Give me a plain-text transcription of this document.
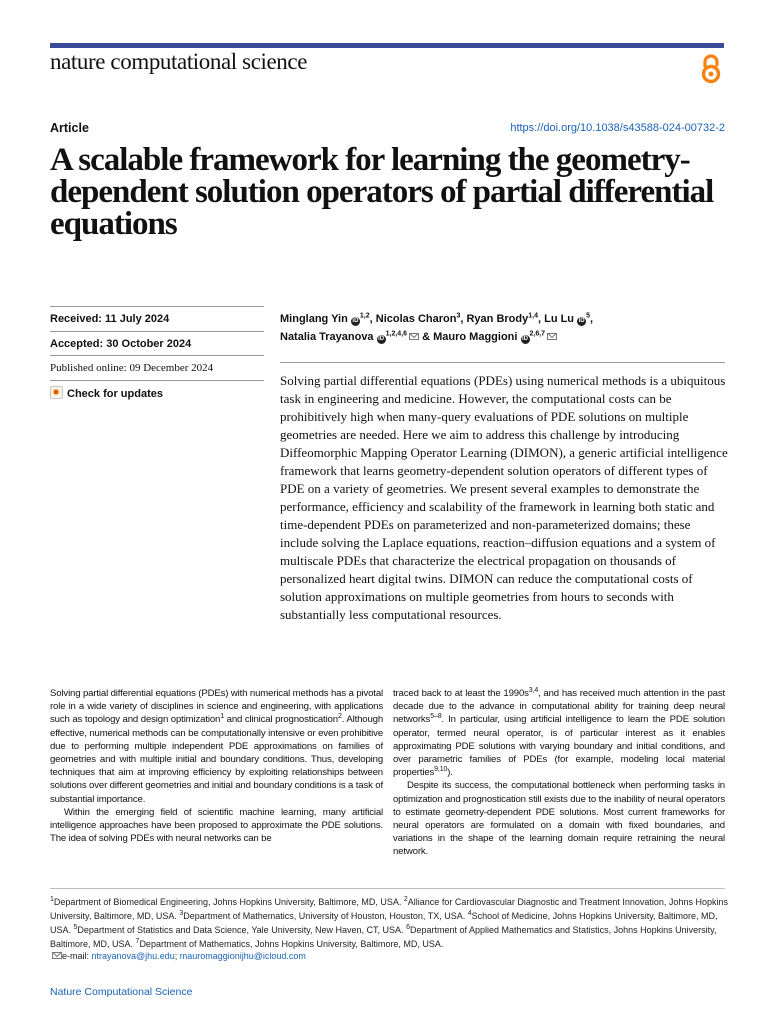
nature computational science
Article	https://doi.org/10.1038/s43588-024-00732-2
A scalable framework for learning the geometry-dependent solution operators of partial differential equations
Received: 11 July 2024
Accepted: 30 October 2024
Published online: 09 December 2024
Check for updates
Minglang Yin iD$^{1,2}$, Nicolas Charon$^3$, Ryan Brody$^{1,4}$, Lu Lu $iD^5$,
Natalia Trayanova iD$^{1,2,4,6}$ & Mauro Maggioni iD$^{2,6,7}$
Solving partial differential equations (PDEs) using numerical methods is a ubiquitous task in engineering and medicine. However, the computational costs can be prohibitively high when many-query evaluations of PDE solutions on multiple geometries are needed. Here we aim to address this challenge by introducing Diffeomorphic Mapping Operator Learning (DIMON), a generic artificial intelligence framework that learns geometry-dependent solution operators of different types of PDE on a variety of geometries. We present several examples to demonstrate the performance, efficiency and scalability of the framework in learning both static and time-dependent PDEs on parameterized and non-parameterized domains; these include solving the Laplace equations, reaction–diffusion equations and a system of multiscale PDEs that characterize the electrical propagation on thousands of personalized heart digital twins. DIMON can reduce the computational costs of solution approximations on multiple geometries from hours to seconds with substantially less computational resources.

Solving partial differential equations (PDEs) with numerical methods has a pivotal role in a wide variety of disciplines in science and engineering, with applications such as topology and design optimization$^1$ and clinical prognostication$^2$. Although effective, numerical methods can be computationally intensive or even prohibitive due to performing multiple independent PDE approximations on families of geometries and with multiple initial and boundary conditions. Thus, developing techniques that aim at improving efficiency by exploiting relationships between solutions over different geometries and initial and boundary conditions is a task of substantial importance.

Within the emerging field of scientific machine learning, many artificial intelligence approaches have been proposed to approximate the PDE solutions. The idea of solving PDEs with neural networks can be

traced back to at least the $1990s^{3,4}$, and has received much attention in the past decade due to the advance in computational ability for training deep neural networks$^{5-8}$. In particular, using artificial intelligence to learn the PDE solution operator, termed neural operator, is of particular interest as it enables approximating PDE solutions with varying boundary and initial conditions, and over parametric families of PDEs (for example, modeling local material properties$^{9,10}$).

Despite its success, the computational bottleneck when performing tasks in optimization and prognostication still exists due to the inability of neural operators to estimate geometry-dependent PDE solutions. Most current frameworks for neural operators are formulated on a domain with fixed boundaries, and variations in the shape of the learning domain require retraining the neural network.

$^1$Department of Biomedical Engineering, Johns Hopkins University, Baltimore, MD, USA. $^2$Alliance for Cardiovascular Diagnostic and Treatment Innovation, Johns Hopkins University, Baltimore, MD, USA. $^3$Department of Mathematics, University of Houston, Houston, TX, USA. $^4$School of Medicine, Johns Hopkins University, Baltimore, MD, USA. $^5$Department of Statistics and Data Science, Yale University, New Haven, CT, USA. $^6$Department of Applied Mathematics and Statistics, Johns Hopkins University, Baltimore, MD, USA. $^7$Department of Mathematics, Johns Hopkins University, Baltimore, MD, USA.
e-mail: ntrayanova@jhu.edu; mauromaggionijhu@icloud.com
Nature Computational Science
